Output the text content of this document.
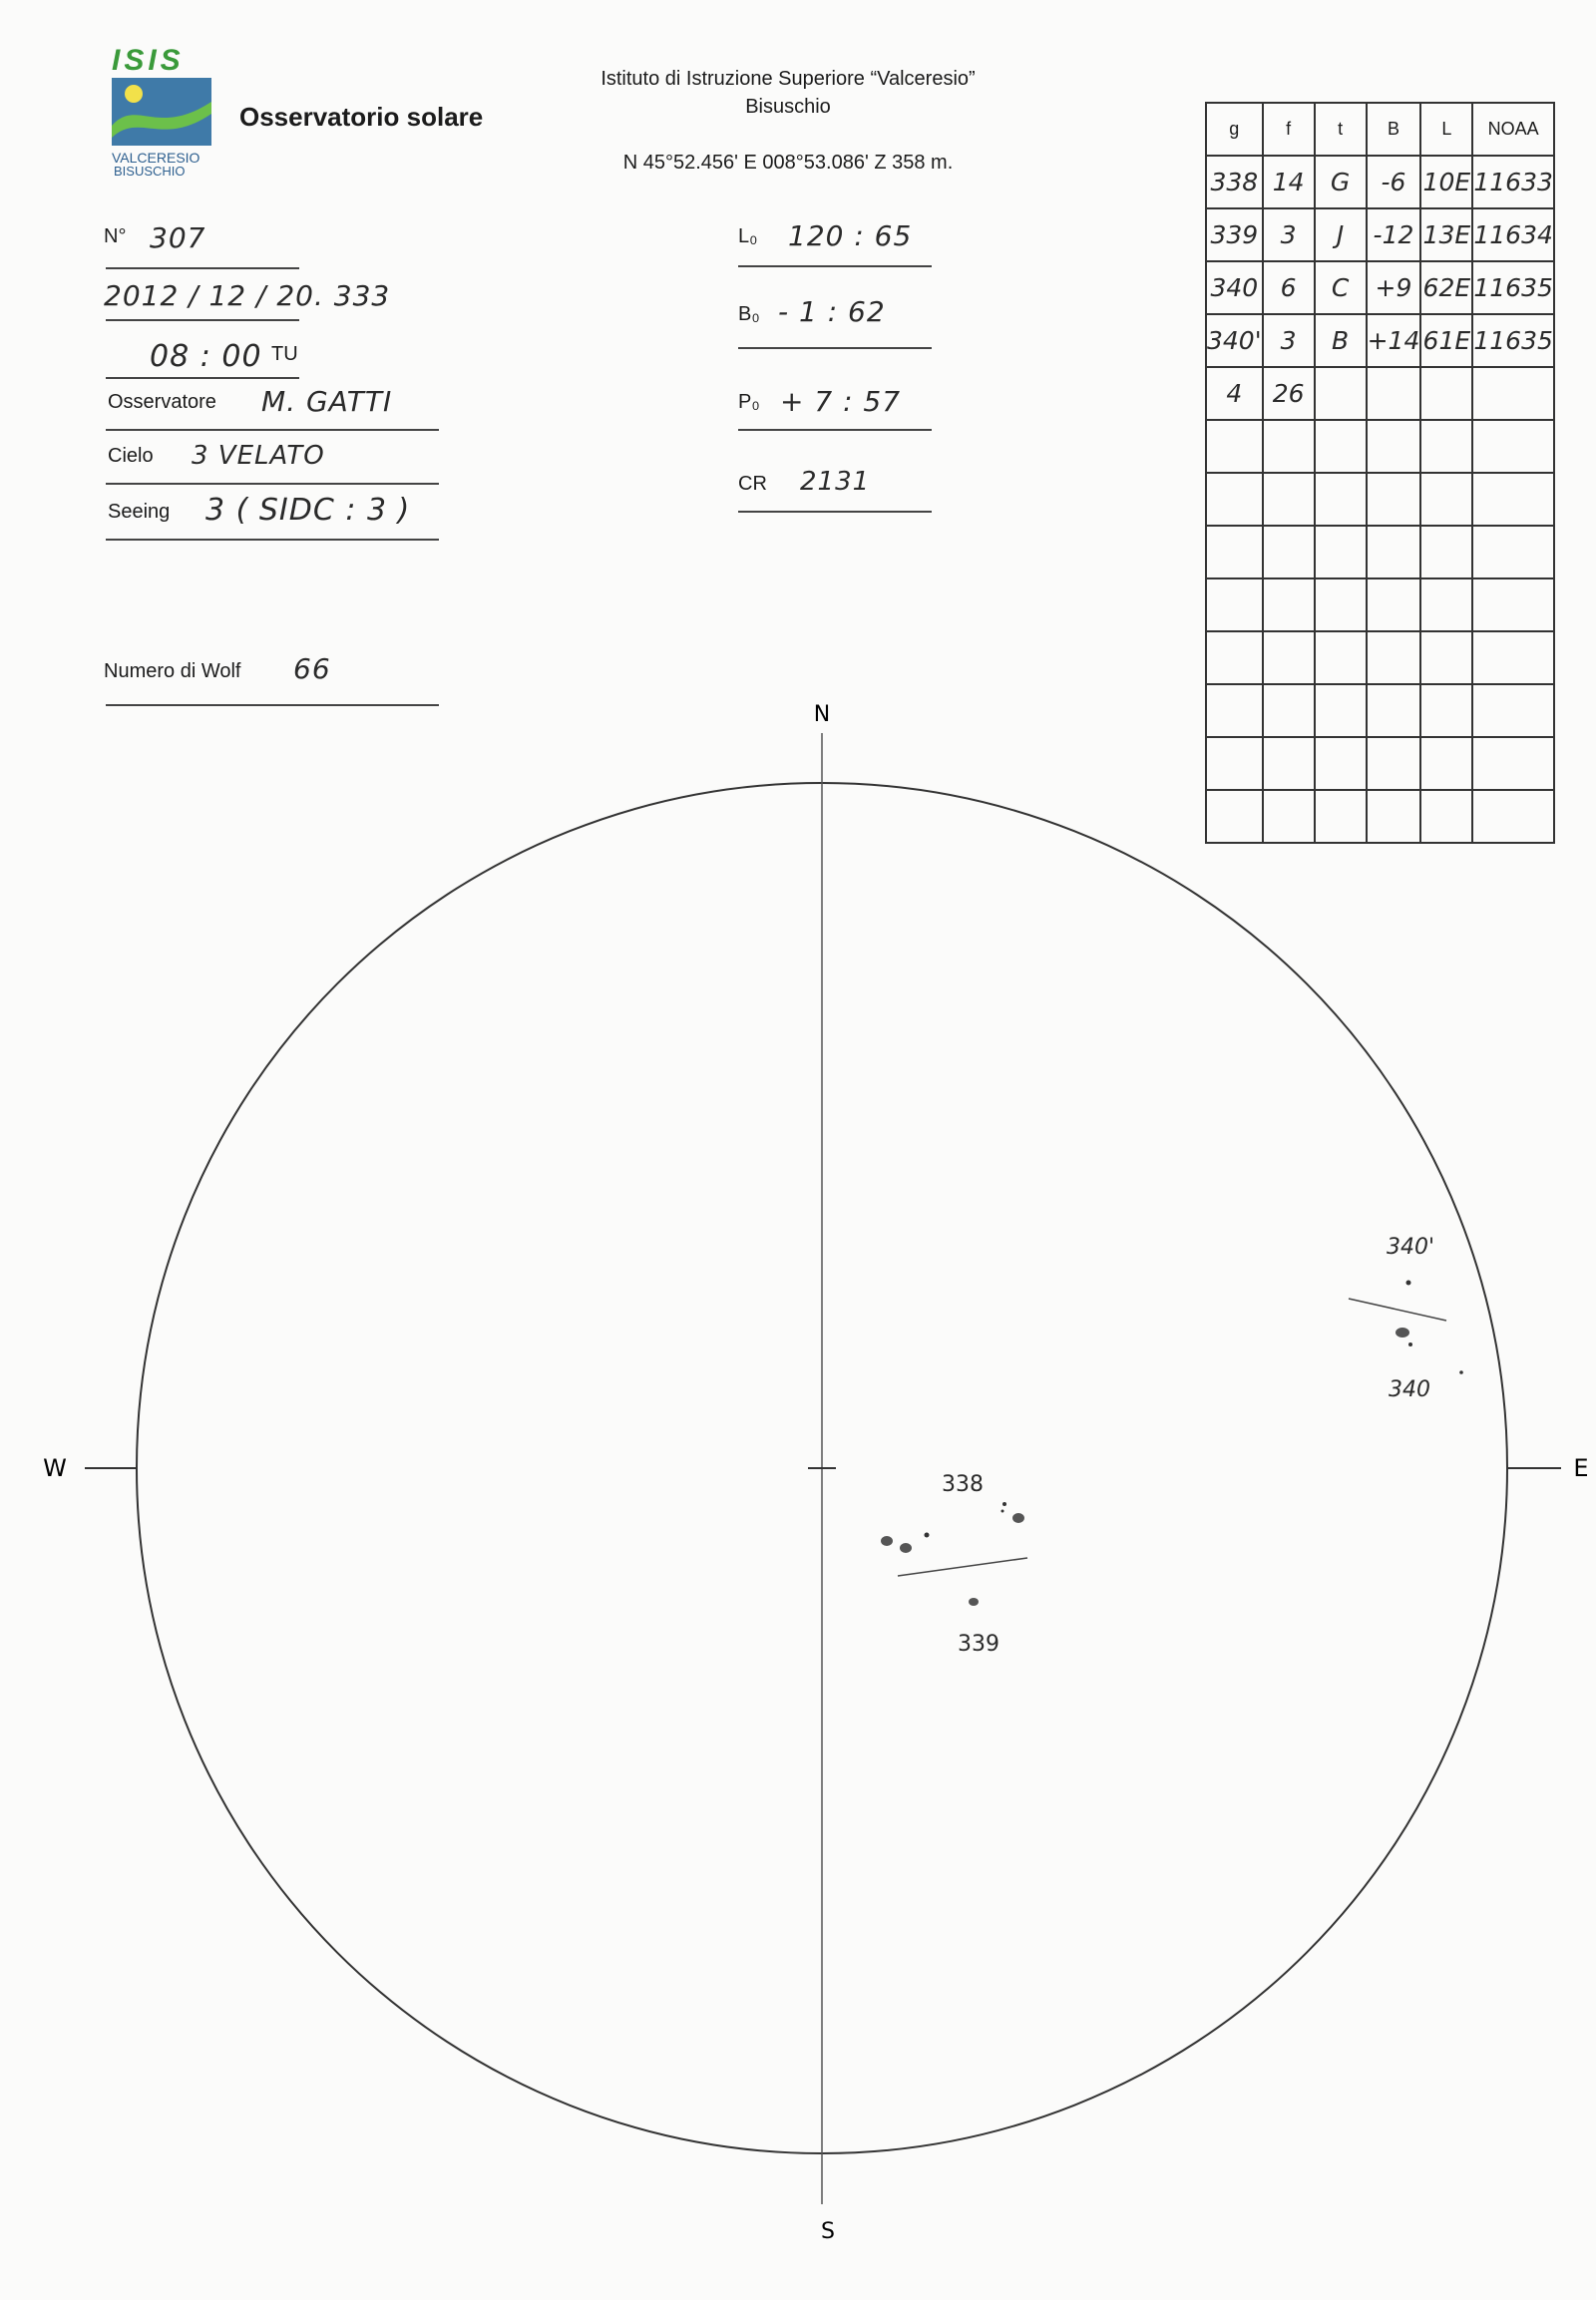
ISIS
VALCERESIO
BISUSCHIO
Osservatorio solare
Istituto di Istruzione Superiore “Valceresio”
Bisuschio
N 45°52.456' E 008°53.086' Z 358 m.
N° 307
2012 / 12 / 20. 333
08 : 00 TU
Osservatore M. GATTI
Cielo 3 VELATO
Seeing 3 ( SIDC : 3 )
Numero di Wolf 66
L₀ 120 : 65
B₀ - 1 : 62
P₀ + 7 : 57
CR 2131
g	f	t	B	L	NOAA
338	14	G	-6	10E	11633
339	3	J	-12	13E	11634
340	6	C	+9	62E	11635
340'	3	B	+14	61E	11635
4	26				

N
S
W	E
338
339
340'
340
